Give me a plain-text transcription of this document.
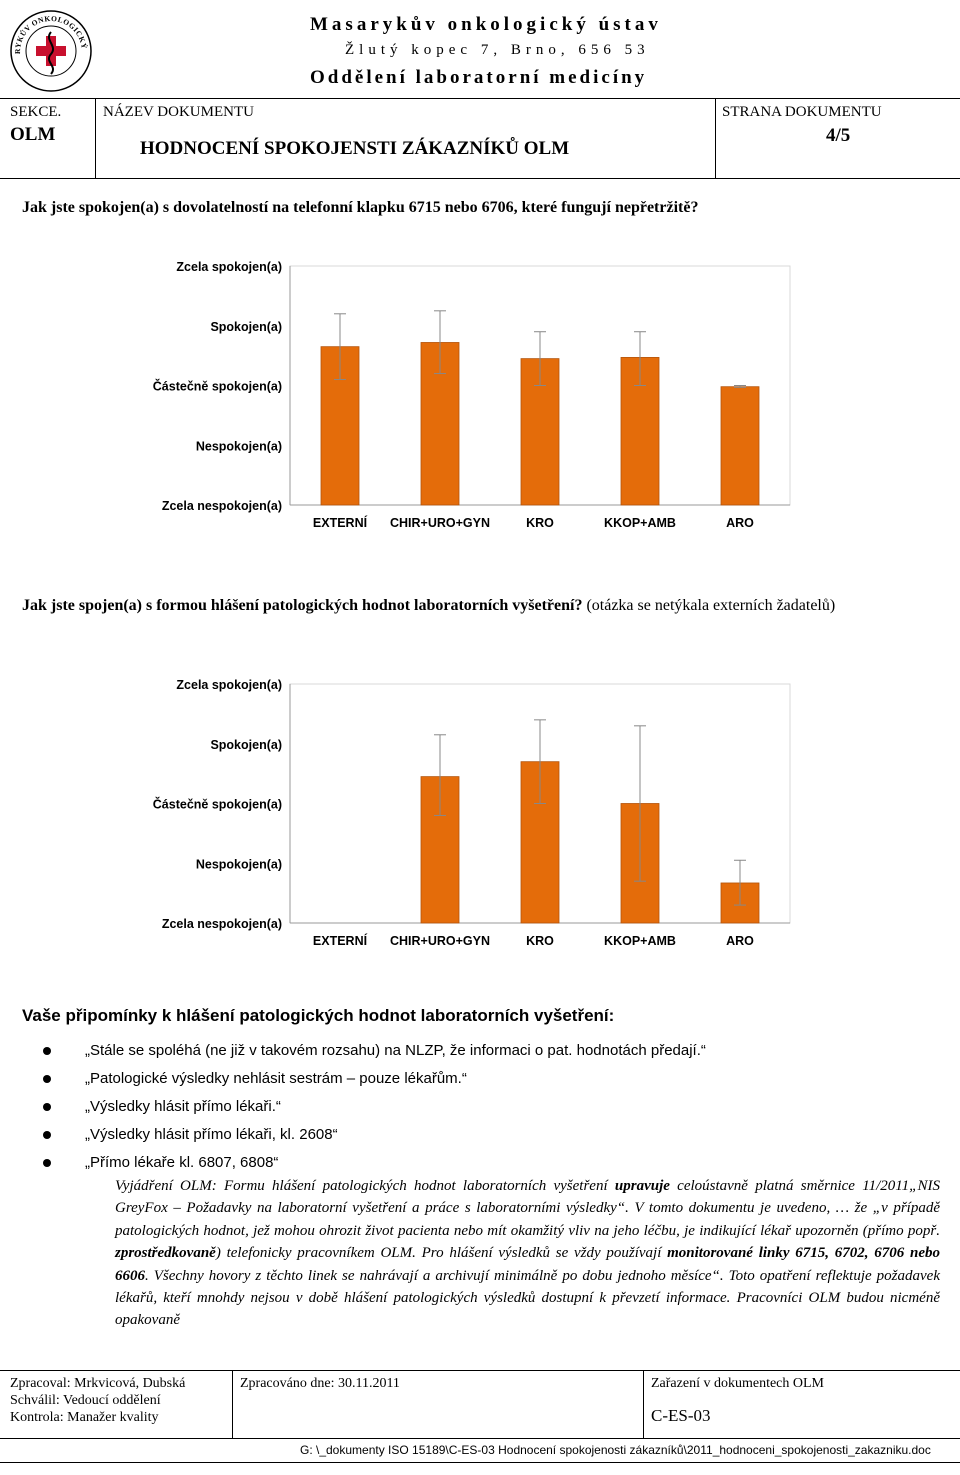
RYKŮV ONKOLOGICKÝ
Masarykův onkologický ústav
Žlutý kopec 7, Brno, 656 53
Oddělení laboratorní medicíny
SEKCE.
OLM
NÁZEV DOKUMENTU
HODNOCENÍ SPOKOJENSTI ZÁKAZNÍKŮ OLM
STRANA DOKUMENTU
4/5
Jak jste spokojen(a) s dovolatelností na telefonní klapku 6715 nebo 6706, které fungují nepřetržitě?
Zcela nespokojen(a)
Nespokojen(a)
Částečně spokojen(a)
Spokojen(a)
Zcela spokojen(a)
EXTERNÍ CHIR+URO+GYN	KRO	KKOP+AMB	ARO
Jak jste spojen(a) s formou hlášení patologických hodnot laboratorních vyšetření? (otázka se netýkala externích žadatelů)
Zcela nespokojen(a)
Nespokojen(a)
Částečně spokojen(a)
Spokojen(a)
Zcela spokojen(a)
EXTERNÍ CHIR+URO+GYN	KRO	KKOP+AMB	ARO
Vaše připomínky k hlášení patologických hodnot laboratorních vyšetření:
„Stále se spoléhá (ne již v takovém rozsahu) na NLZP, že informaci o pat. hodnotách předají.“
„Patologické výsledky nehlásit sestrám – pouze lékařům.“
„Výsledky hlásit přímo lékaři.“
„Výsledky hlásit přímo lékaři, kl. 2608“
„Přímo lékaře kl. 6807, 6808“
Vyjádření OLM: Formu hlášení patologických hodnot laboratorních vyšetření upravuje celoústavně platná směrnice 11/2011„NIS GreyFox – Požadavky na laboratorní vyšetření a práce s laboratorními výsledky“. V tomto dokumentu je uvedeno, … že „v případě patologických hodnot, jež mohou ohrozit život pacienta nebo mít okamžitý vliv na jeho léčbu, je indikující lékař upozorněn (přímo popř. zprostředkovaně) telefonicky pracovníkem OLM. Pro hlášení výsledků se vždy používají monitorované linky 6715, 6702, 6706 nebo 6606. Všechny hovory z těchto linek se nahrávají a archivují minimálně po dobu jednoho měsíce“. Toto opatření reflektuje požadavek lékařů, kteří mnohdy nejsou v době hlášení patologických výsledků dostupní k převzetí informace. Pracovníci OLM budou nicméně opakovaně
Zpracoval: Mrkvicová, Dubská
Schválil: Vedoucí oddělení
Kontrola: Manažer kvality
Zpracováno dne: 30.11.2011	Zařazení v dokumentech OLM
C-ES-03
G: \_dokumenty ISO 15189\C-ES-03 Hodnocení spokojenosti zákazníků\2011_hodnoceni_spokojenosti_zakazniku.doc
